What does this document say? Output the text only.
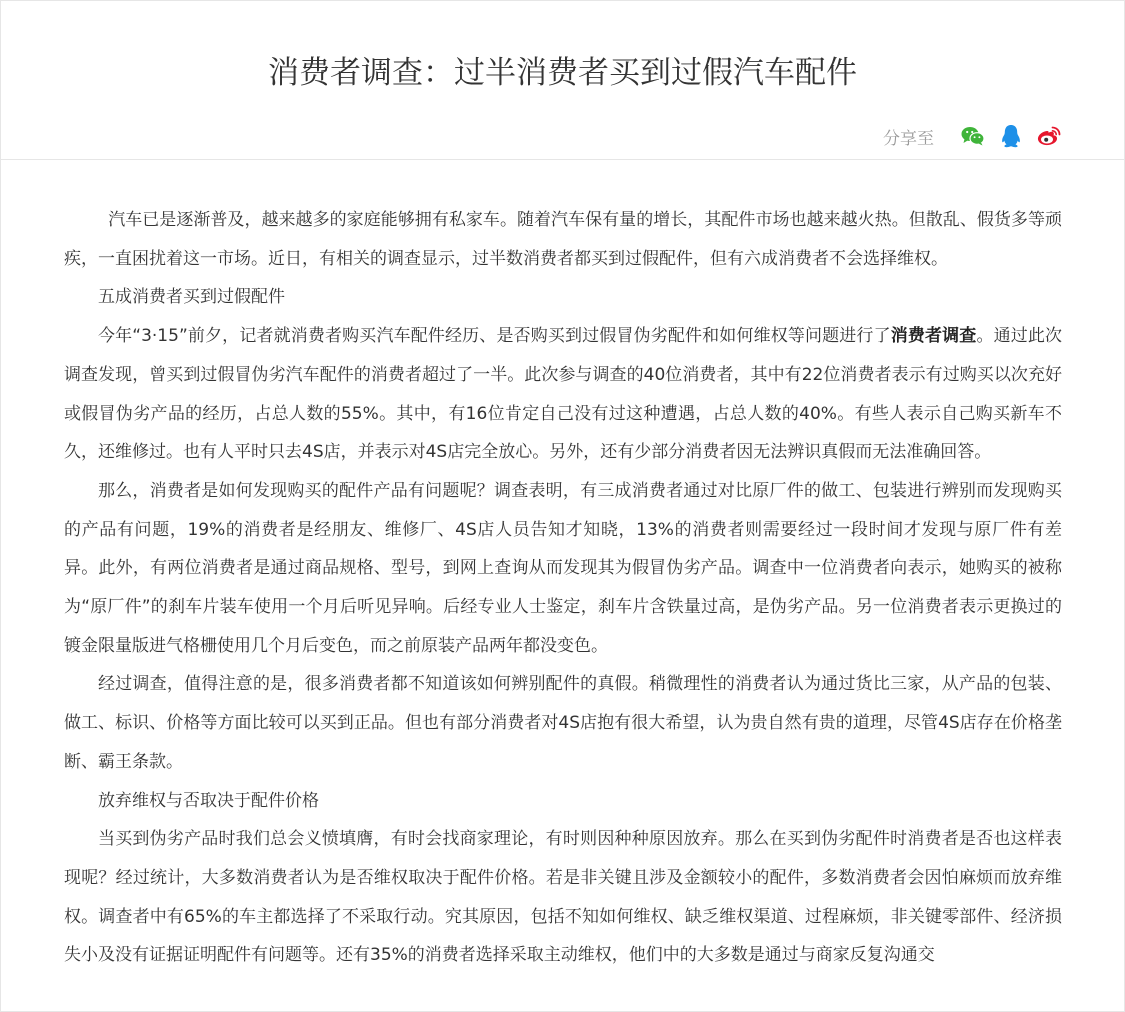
消费者调查：过半消费者买到过假汽车配件
分享至

汽车已是逐渐普及，越来越多的家庭能够拥有私家车。随着汽车保有量的增长，其配件市场也越来越火热。但散乱、假货多等顽疾，一直困扰着这一市场。近日，有相关的调查显示，过半数消费者都买到过假配件，但有六成消费者不会选择维权。

五成消费者买到过假配件

今年“3·15”前夕，记者就消费者购买汽车配件经历、是否购买到过假冒伪劣配件和如何维权等问题进行了消费者调查。通过此次调查发现，曾买到过假冒伪劣汽车配件的消费者超过了一半。此次参与调查的40位消费者，其中有22位消费者表示有过购买以次充好或假冒伪劣产品的经历，占总人数的55%。其中，有16位肯定自己没有过这种遭遇，占总人数的40%。有些人表示自己购买新车不久，还维修过。也有人平时只去4S店，并表示对4S店完全放心。另外，还有少部分消费者因无法辨识真假而无法准确回答。

那么，消费者是如何发现购买的配件产品有问题呢？调查表明，有三成消费者通过对比原厂件的做工、包装进行辨别而发现购买的产品有问题，19%的消费者是经朋友、维修厂、4S店人员告知才知晓，13%的消费者则需要经过一段时间才发现与原厂件有差异。此外，有两位消费者是通过商品规格、型号，到网上查询从而发现其为假冒伪劣产品。调查中一位消费者向表示，她购买的被称为“原厂件”的刹车片装车使用一个月后听见异响。后经专业人士鉴定，刹车片含铁量过高，是伪劣产品。另一位消费者表示更换过的镀金限量版进气格栅使用几个月后变色，而之前原装产品两年都没变色。

经过调查，值得注意的是，很多消费者都不知道该如何辨别配件的真假。稍微理性的消费者认为通过货比三家，从产品的包装、做工、标识、价格等方面比较可以买到正品。但也有部分消费者对4S店抱有很大希望，认为贵自然有贵的道理，尽管4S店存在价格垄断、霸王条款。

放弃维权与否取决于配件价格

当买到伪劣产品时我们总会义愤填膺，有时会找商家理论，有时则因种种原因放弃。那么在买到伪劣配件时消费者是否也这样表现呢？经过统计，大多数消费者认为是否维权取决于配件价格。若是非关键且涉及金额较小的配件，多数消费者会因怕麻烦而放弃维权。调查者中有65%的车主都选择了不采取行动。究其原因，包括不知如何维权、缺乏维权渠道、过程麻烦，非关键零部件、经济损失小及没有证据证明配件有问题等。还有35%的消费者选择采取主动维权，他们中的大多数是通过与商家反复沟通交
